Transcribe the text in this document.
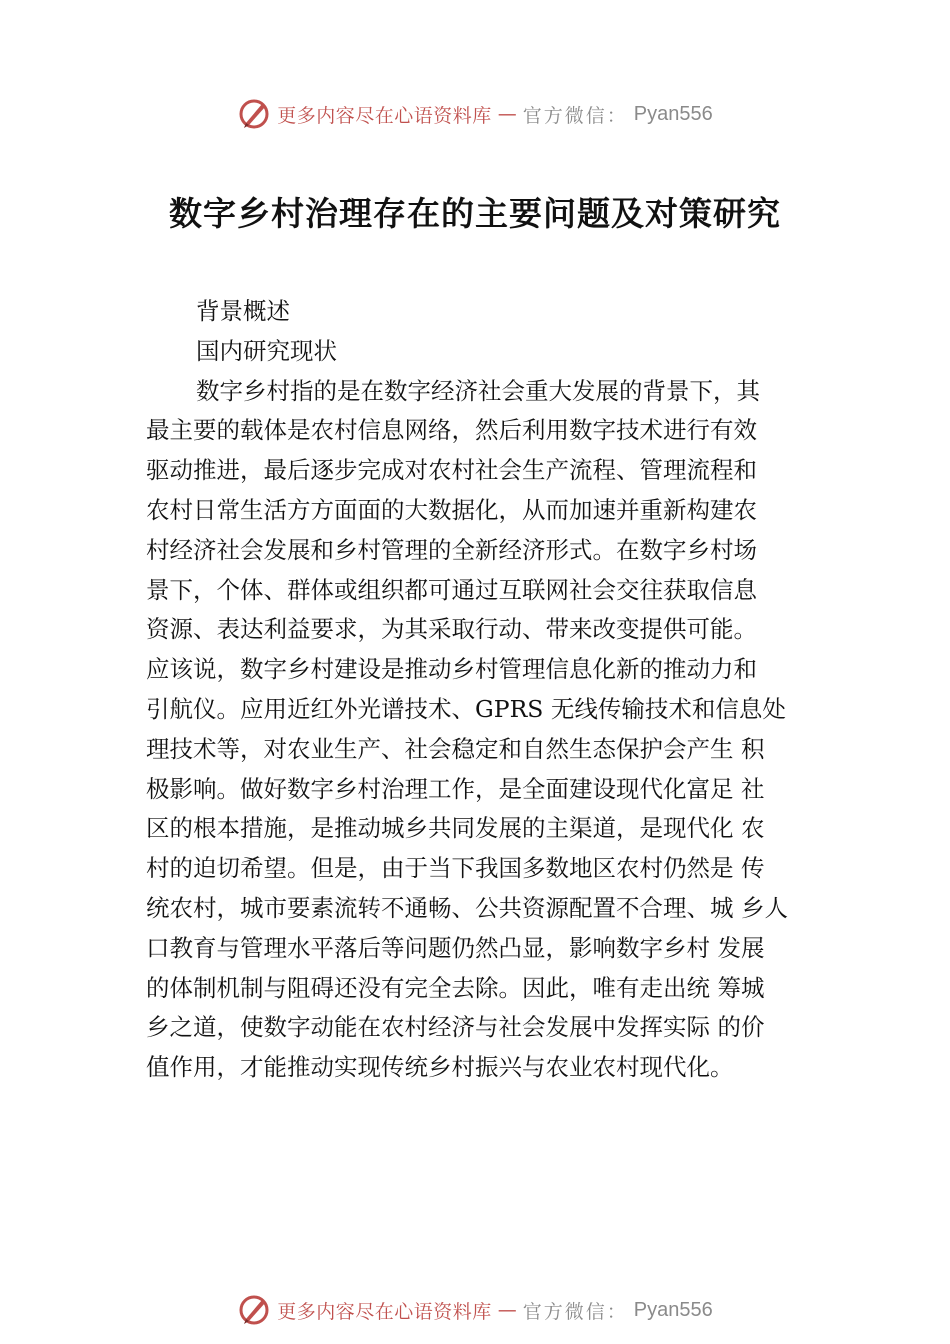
更多内容尽在心语资料库 — 官方微信： Pyan556
数字乡村治理存在的主要问题及对策研究

背景概述

国内研究现状

数字乡村指的是在数字经济社会重大发展的背景下，其

最主要的载体是农村信息网络，然后利用数字技术进行有效

驱动推进，最后逐步完成对农村社会生产流程、管理流程和

农村日常生活方方面面的大数据化，从而加速并重新构建农

村经济社会发展和乡村管理的全新经济形式。在数字乡村场

景下，个体、群体或组织都可通过互联网社会交往获取信息

资源、表达利益要求，为其采取行动、带来改变提供可能。

应该说，数字乡村建设是推动乡村管理信息化新的推动力和

引航仪。应用近红外光谱技术、GPRS 无线传输技术和信息处

理技术等，对农业生产、社会稳定和自然生态保护会产生 积

极影响。做好数字乡村治理工作，是全面建设现代化富足 社

区的根本措施，是推动城乡共同发展的主渠道，是现代化 农

村的迫切希望。但是，由于当下我国多数地区农村仍然是 传

统农村，城市要素流转不通畅、公共资源配置不合理、城 乡人

口教育与管理水平落后等问题仍然凸显，影响数字乡村 发展

的体制机制与阻碍还没有完全去除。因此，唯有走出统 筹城

乡之道，使数字动能在农村经济与社会发展中发挥实际 的价

值作用，才能推动实现传统乡村振兴与农业农村现代化。

更多内容尽在心语资料库 — 官方微信： Pyan556
